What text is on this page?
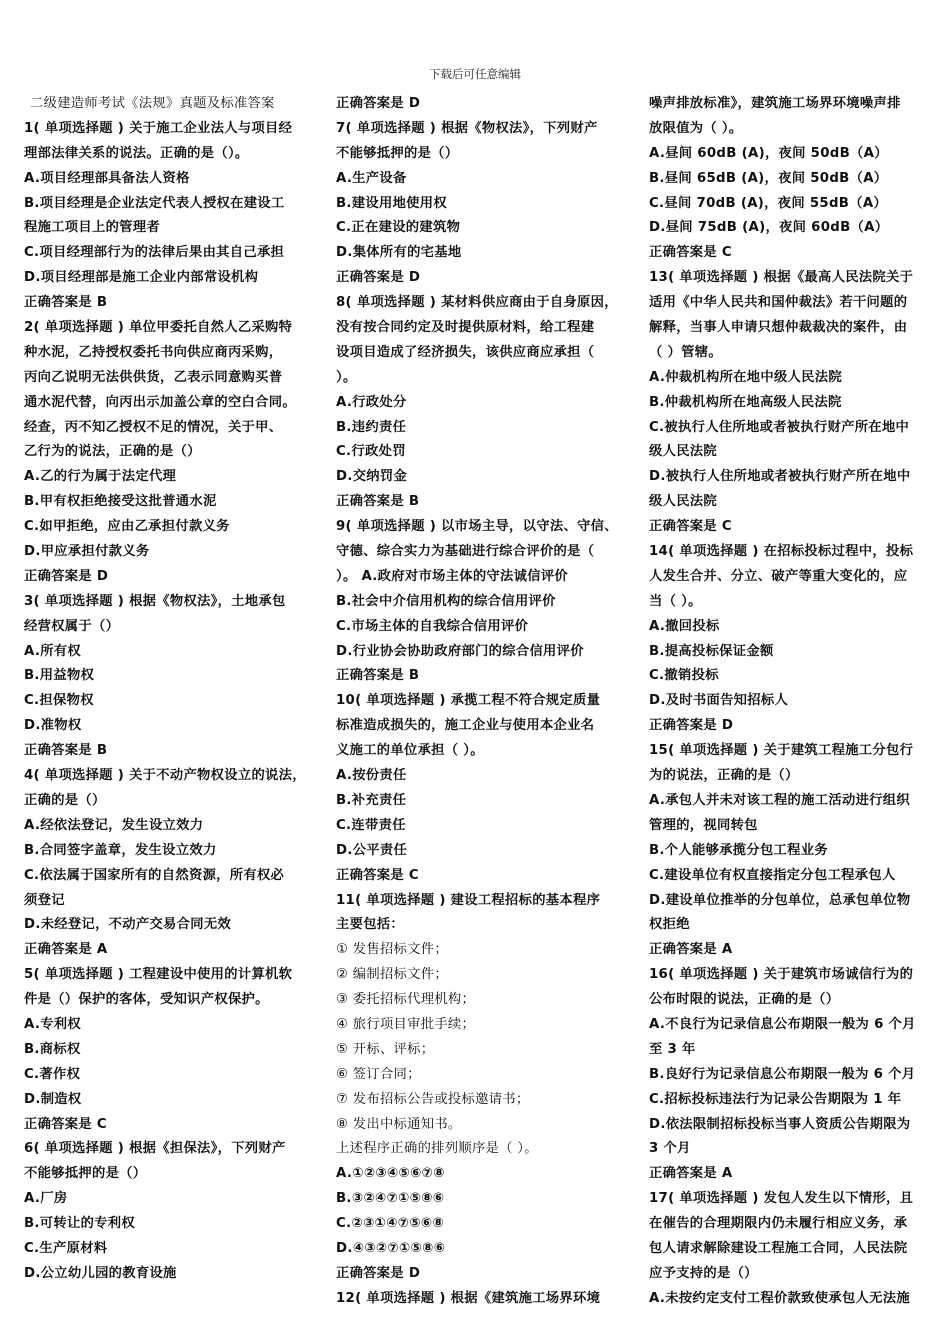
下载后可任意编辑
二级建造师考试《法规》真题及标准答案
1( 单项选择题 ) 关于施工企业法人与项目经
理部法律关系的说法。正确的是（）。
A.项目经理部具备法人资格
B.项目经理是企业法定代表人授权在建设工
程施工项目上的管理者
C.项目经理部行为的法律后果由其自己承担
D.项目经理部是施工企业内部常设机构
正确答案是 B
2( 单项选择题 ) 单位甲委托自然人乙采购特
种水泥，乙持授权委托书向供应商丙采购，
丙向乙说明无法供供货，乙表示同意购买普
通水泥代替，向丙出示加盖公章的空白合同。
经查，丙不知乙授权不足的情况，关于甲、
乙行为的说法，正确的是（）
A.乙的行为属于法定代理
B.甲有权拒绝接受这批普通水泥
C.如甲拒绝，应由乙承担付款义务
D.甲应承担付款义务
正确答案是 D
3( 单项选择题 ) 根据《物权法》，土地承包
经营权属于（）
A.所有权
B.用益物权
C.担保物权
D.准物权
正确答案是 B
4( 单项选择题 ) 关于不动产物权设立的说法，
正确的是（）
A.经依法登记，发生设立效力
B.合同签字盖章，发生设立效力
C.依法属于国家所有的自然资源，所有权必
须登记
D.未经登记，不动产交易合同无效
正确答案是 A
5( 单项选择题 ) 工程建设中使用的计算机软
件是（）保护的客体，受知识产权保护。
A.专利权
B.商标权
C.著作权
D.制造权
正确答案是 C
6( 单项选择题 ) 根据《担保法》，下列财产
不能够抵押的是（）
A.厂房
B.可转让的专利权
C.生产原材料
D.公立幼儿园的教育设施
正确答案是 D
7( 单项选择题 ) 根据《物权法》，下列财产
不能够抵押的是（）
A.生产设备
B.建设用地使用权
C.正在建设的建筑物
D.集体所有的宅基地
正确答案是 D
8( 单项选择题 ) 某材料供应商由于自身原因，
没有按合同约定及时提供原材料，给工程建
设项目造成了经济损失，该供应商应承担（
）。
A.行政处分
B.违约责任
C.行政处罚
D.交纳罚金
正确答案是 B
9( 单项选择题 ) 以市场主导，以守法、守信、
守德、综合实力为基础进行综合评价的是（
）。 A.政府对市场主体的守法诚信评价
B.社会中介信用机构的综合信用评价
C.市场主体的自我综合信用评价
D.行业协会协助政府部门的综合信用评价
正确答案是 B
10( 单项选择题 ) 承揽工程不符合规定质量
标准造成损失的，施工企业与使用本企业名
义施工的单位承担（ ）。
A.按份责任
B.补充责任
C.连带责任
D.公平责任
正确答案是 C
11( 单项选择题 ) 建设工程招标的基本程序
主要包括：
① 发售招标文件；
② 编制招标文件；
③ 委托招标代理机构；
④ 旅行项目审批手续；
⑤ 开标、评标；
⑥ 签订合同；
⑦ 发布招标公告或投标邀请书；
⑧ 发出中标通知书。
上述程序正确的排列顺序是（ ）。
A.①②③④⑤⑥⑦⑧
B.③②④⑦①⑤⑧⑥
C.②③①④⑦⑤⑥⑧
D.④③②⑦①⑤⑧⑥
正确答案是 D
12( 单项选择题 ) 根据《建筑施工场界环境
噪声排放标准》，建筑施工场界环境噪声排
放限值为（ ）。
A.昼间 60dB (A)，夜间 50dB（A）
B.昼间 65dB (A)，夜间 50dB（A）
C.昼间 70dB (A)，夜间 55dB（A）
D.昼间 75dB (A)，夜间 60dB（A）
正确答案是 C
13( 单项选择题 ) 根据《最高人民法院关于
适用《中华人民共和国仲裁法》若干问题的
解释，当事人申请只想仲裁裁决的案件，由
（ ）管辖。
A.仲裁机构所在地中级人民法院
B.仲裁机构所在地高级人民法院
C.被执行人住所地或者被执行财产所在地中
级人民法院
D.被执行人住所地或者被执行财产所在地中
级人民法院
正确答案是 C
14( 单项选择题 ) 在招标投标过程中，投标
人发生合并、分立、破产等重大变化的，应
当（ ）。
A.撤回投标
B.提高投标保证金额
C.撤销投标
D.及时书面告知招标人
正确答案是 D
15( 单项选择题 ) 关于建筑工程施工分包行
为的说法，正确的是（）
A.承包人并未对该工程的施工活动进行组织
管理的，视同转包
B.个人能够承揽分包工程业务
C.建设单位有权直接指定分包工程承包人
D.建设单位推举的分包单位，总承包单位物
权拒绝
正确答案是 A
16( 单项选择题 ) 关于建筑市场诚信行为的
公布时限的说法，正确的是（）
A.不良行为记录信息公布期限一般为 6 个月
至 3 年
B.良好行为记录信息公布期限一般为 6 个月
C.招标投标违法行为记录公告期限为 1 年
D.依法限制招标投标当事人资质公告期限为
3 个月
正确答案是 A
17( 单项选择题 ) 发包人发生以下情形，且
在催告的合理期限内仍未履行相应义务，承
包人请求解除建设工程施工合同，人民法院
应予支持的是（）
A.未按约定支付工程价款致使承包人无法施
